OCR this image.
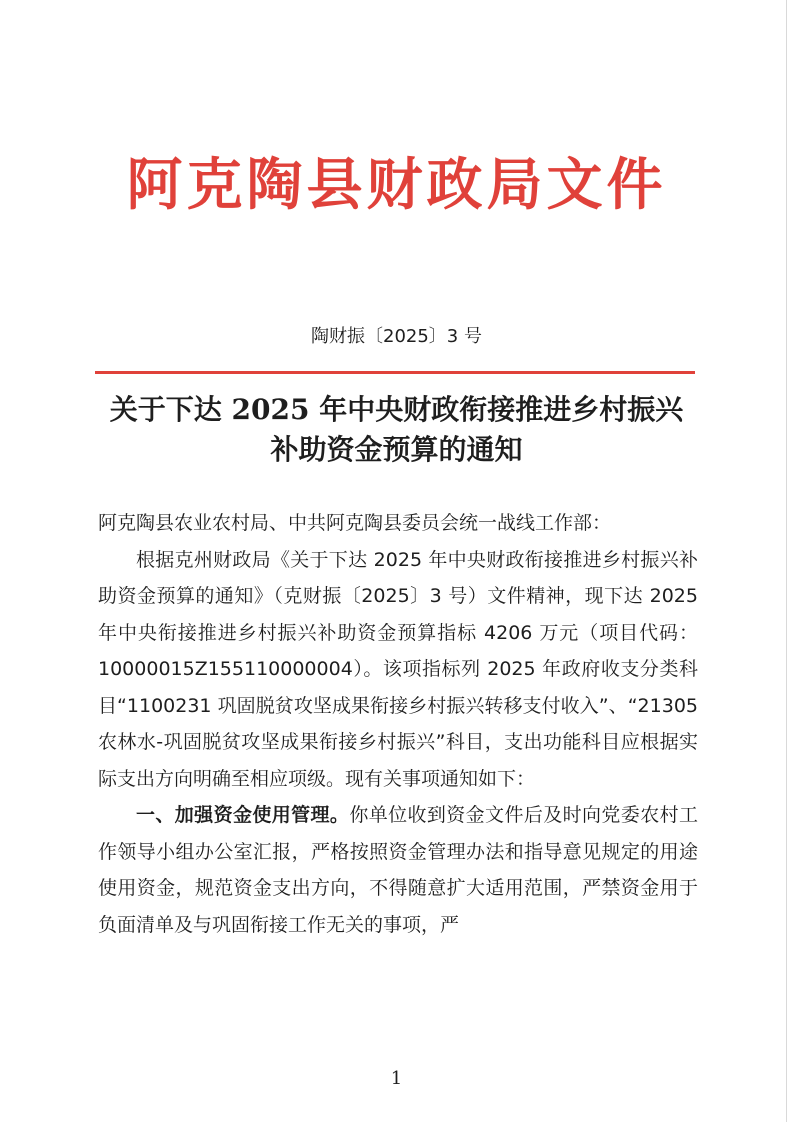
阿克陶县财政局文件
陶财振〔2025〕3 号
关于下达 2025 年中央财政衔接推进乡村振兴
补助资金预算的通知

阿克陶县农业农村局、中共阿克陶县委员会统一战线工作部：

根据克州财政局《关于下达 2025 年中央财政衔接推进乡村振兴补助资金预算的通知》（克财振〔2025〕3 号）文件精神，现下达 2025 年中央衔接推进乡村振兴补助资金预算指标 4206 万元（项目代码：10000015Z155110000004）。该项指标列 2025 年政府收支分类科目“1100231 巩固脱贫攻坚成果衔接乡村振兴转移支付收入”、“21305 农林水-巩固脱贫攻坚成果衔接乡村振兴”科目，支出功能科目应根据实际支出方向明确至相应项级。现有关事项通知如下：

一、加强资金使用管理。你单位收到资金文件后及时向党委农村工作领导小组办公室汇报，严格按照资金管理办法和指导意见规定的用途使用资金，规范资金支出方向，不得随意扩大适用范围，严禁资金用于负面清单及与巩固衔接工作无关的事项，严

1
